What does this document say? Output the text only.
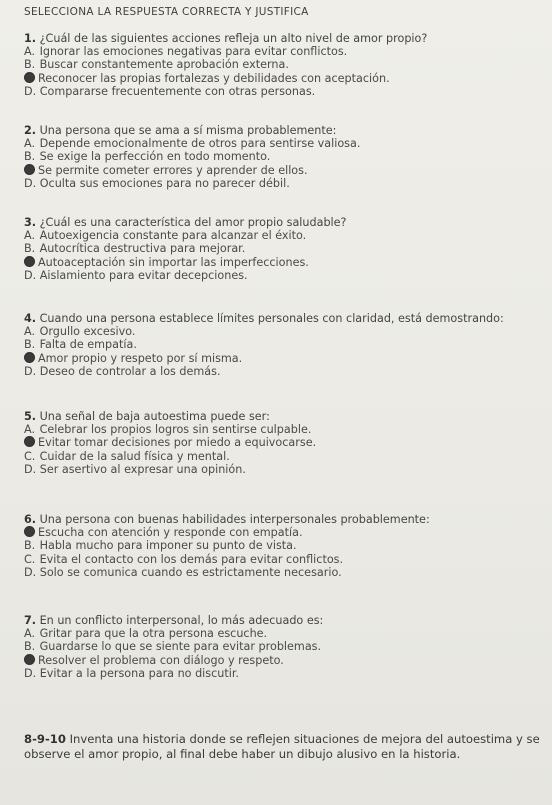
SELECCIONA LA RESPUESTA CORRECTA Y JUSTIFICA
1. ¿Cuál de las siguientes acciones refleja un alto nivel de amor propio?
A. Ignorar las emociones negativas para evitar conflictos.
B. Buscar constantemente aprobación externa.
Reconocer las propias fortalezas y debilidades con aceptación.
D. Compararse frecuentemente con otras personas.
2. Una persona que se ama a sí misma probablemente:
A. Depende emocionalmente de otros para sentirse valiosa.
B. Se exige la perfección en todo momento.
Se permite cometer errores y aprender de ellos.
D. Oculta sus emociones para no parecer débil.
3. ¿Cuál es una característica del amor propio saludable?
A. Autoexigencia constante para alcanzar el éxito.
B. Autocrítica destructiva para mejorar.
Autoaceptación sin importar las imperfecciones.
D. Aislamiento para evitar decepciones.
4. Cuando una persona establece límites personales con claridad, está demostrando:
A. Orgullo excesivo.
B. Falta de empatía.
Amor propio y respeto por sí misma.
D. Deseo de controlar a los demás.
5. Una señal de baja autoestima puede ser:
A. Celebrar los propios logros sin sentirse culpable.
Evitar tomar decisiones por miedo a equivocarse.
C. Cuidar de la salud física y mental.
D. Ser asertivo al expresar una opinión.
6. Una persona con buenas habilidades interpersonales probablemente:
Escucha con atención y responde con empatía.
B. Habla mucho para imponer su punto de vista.
C. Evita el contacto con los demás para evitar conflictos.
D. Solo se comunica cuando es estrictamente necesario.
7. En un conflicto interpersonal, lo más adecuado es:
A. Gritar para que la otra persona escuche.
B. Guardarse lo que se siente para evitar problemas.
Resolver el problema con diálogo y respeto.
D. Evitar a la persona para no discutir.
8-9-10 Inventa una historia donde se reflejen situaciones de mejora del autoestima y se observe el amor propio, al final debe haber un dibujo alusivo en la historia.
